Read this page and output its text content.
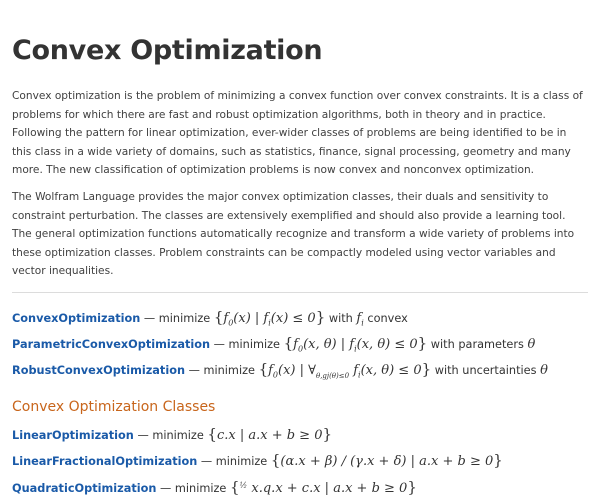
Convex Optimization

Convex optimization is the problem of minimizing a convex function over convex constraints. It is a class of problems for which there are fast and robust optimization algorithms, both in theory and in practice. Following the pattern for linear optimization, ever-wider classes of problems are being identified to be in this class in a wide variety of domains, such as statistics, finance, signal processing, geometry and many more. The new classification of optimization problems is now convex and nonconvex optimization.

The Wolfram Language provides the major convex optimization classes, their duals and sensitivity to constraint perturbation. The classes are extensively exemplified and should also provide a learning tool. The general optimization functions automatically recognize and transform a wide variety of problems into these optimization classes. Problem constraints can be compactly modeled using vector variables and vector inequalities.

ConvexOptimization — minimize {$f_0(x)$ | $f_i(x) \le 0$} with $f_i$ convex
ParametricConvexOptimization — minimize {$f_0(x$, θ) | $f_i(x$, θ) ≤ 0} with parameters θ
RobustConvexOptimization — minimize {$f_0(x)$ | $\forall_{\theta,gj(\theta)\le 0}$ $f_i(x$, θ) ≤ 0} with uncertainties θ
Convex Optimization Classes
LinearOptimization — minimize {c.x | a.x + b ≥ 0}
LinearFractionalOptimization — minimize {(α.x + β) / (γ.x + δ) | a.x + b ≥ 0}
QuadraticOptimization — minimize {$^{\frac{1}{2}}$ x.q.x + c.x | a.x + b ≥ 0}
